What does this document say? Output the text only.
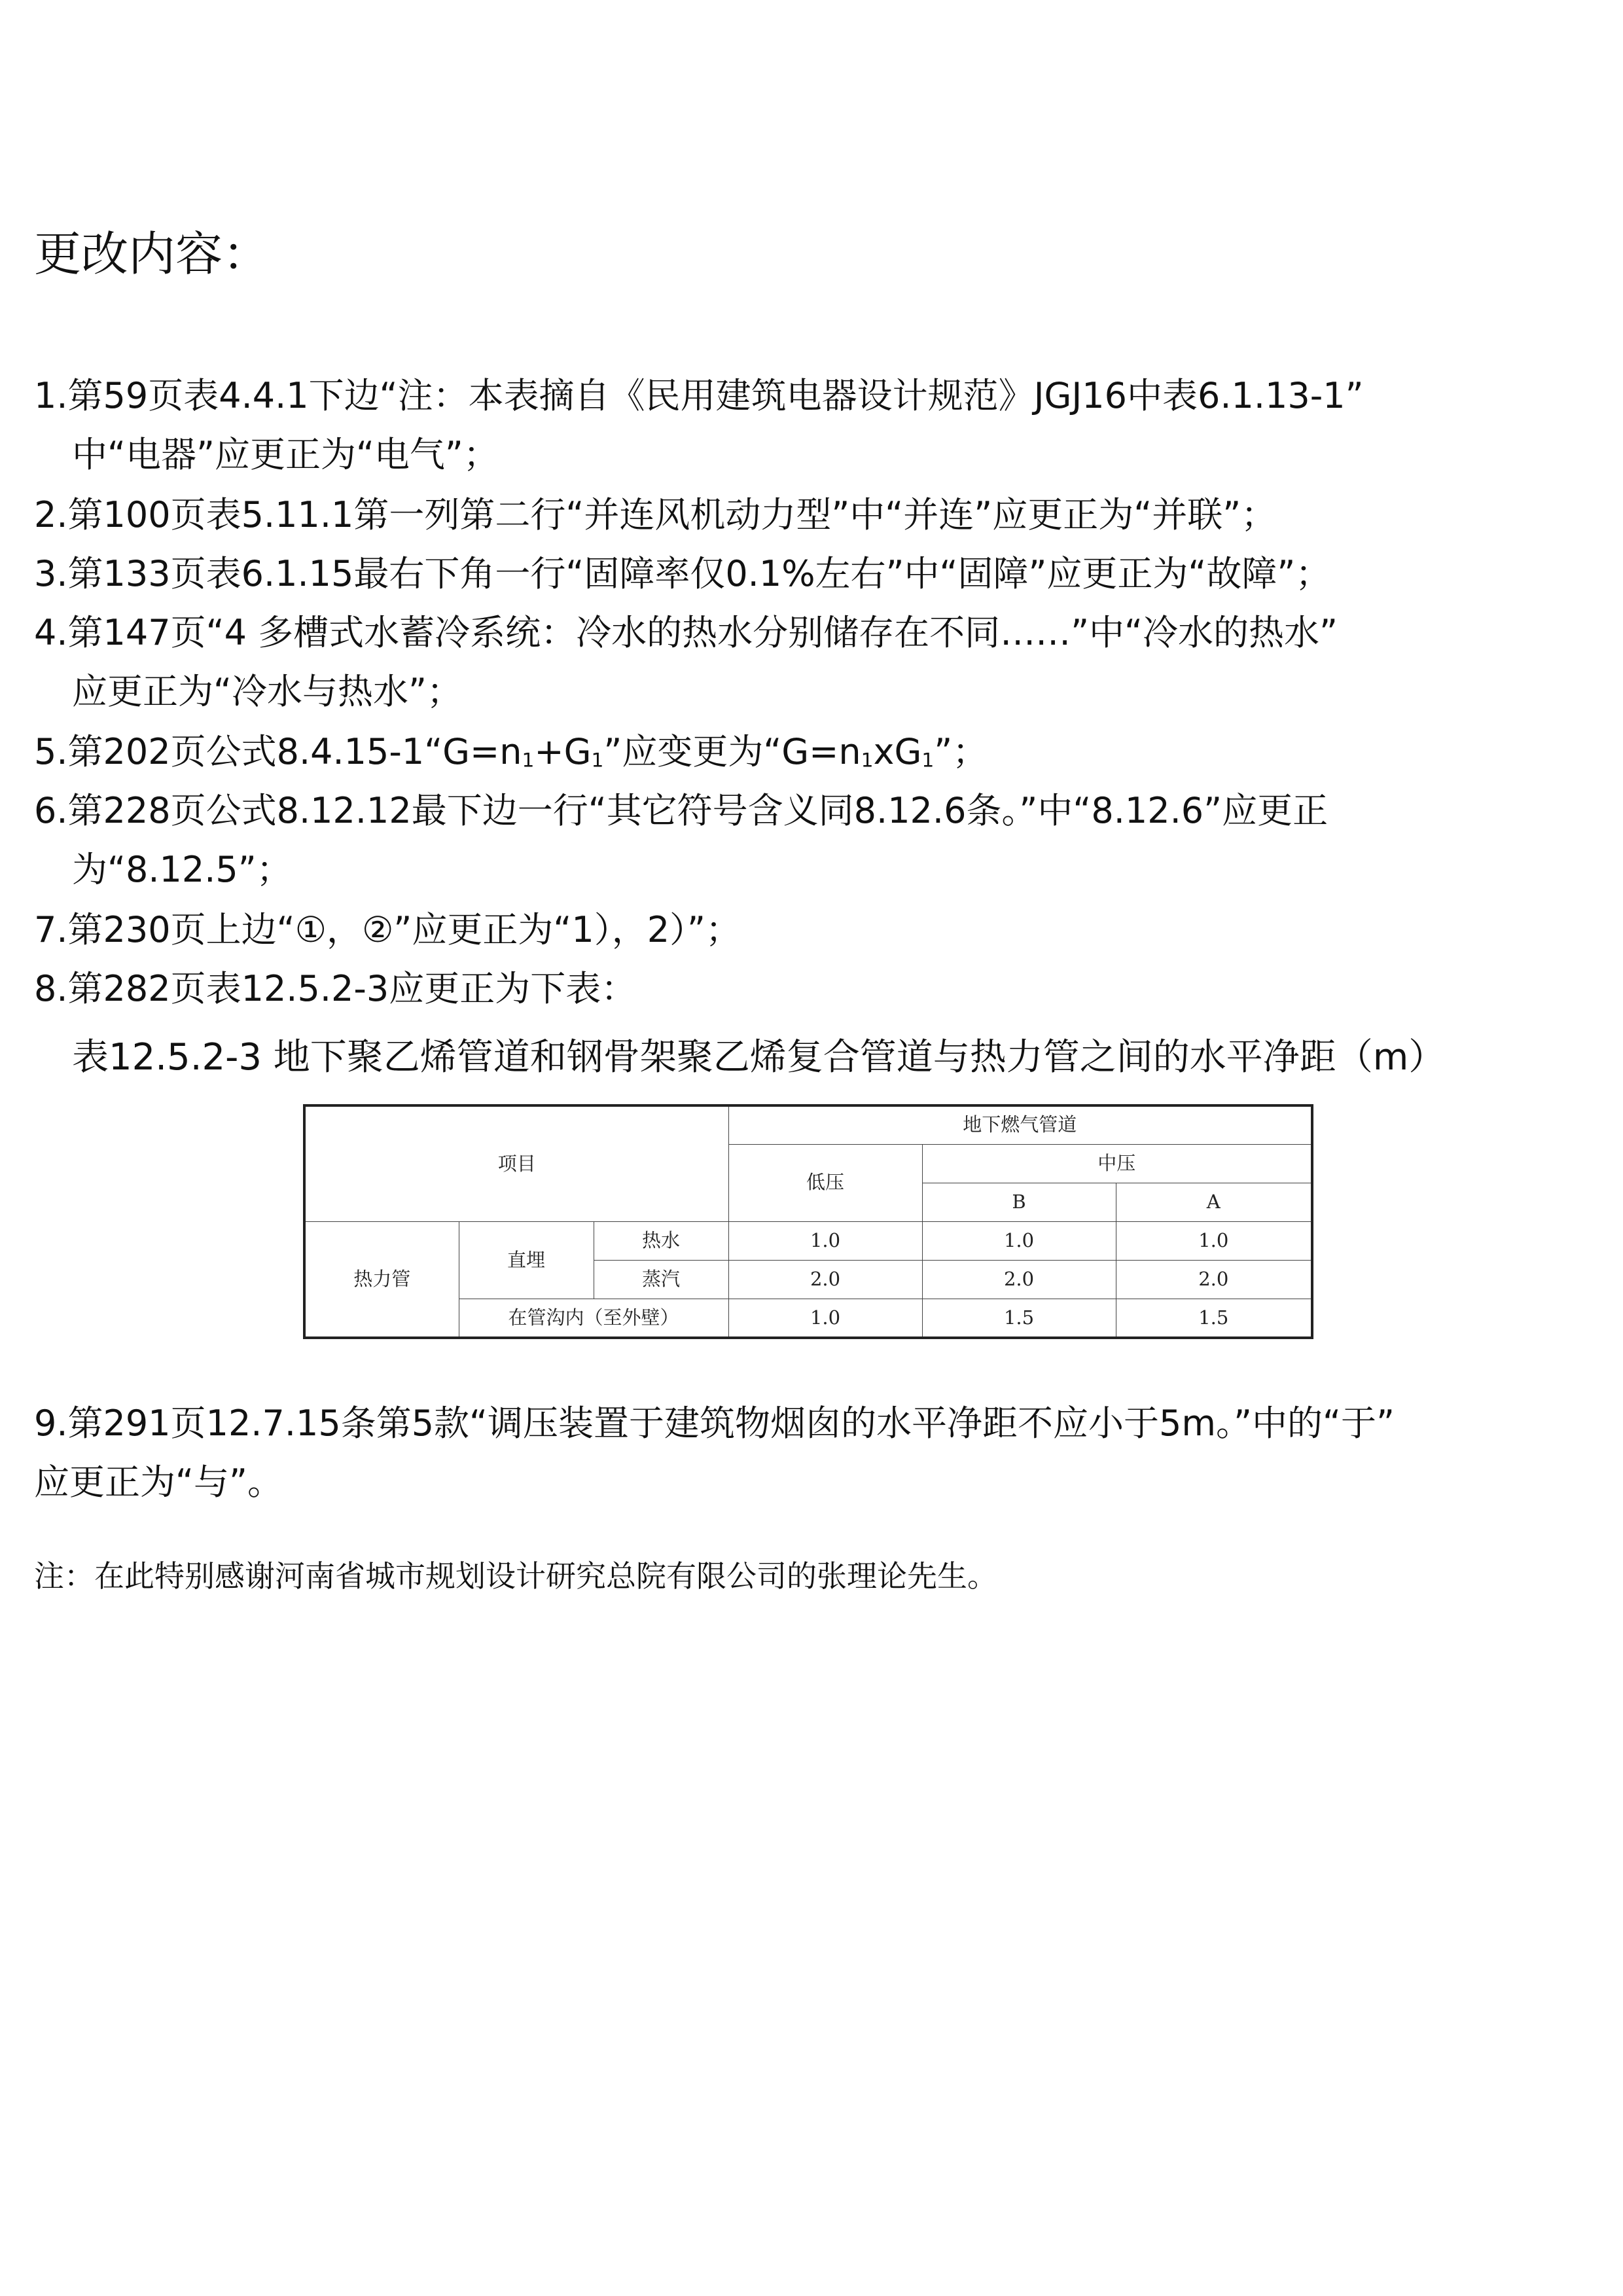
更改内容：
1.第59页表4.4.1下边“注：本表摘自《民用建筑电器设计规范》JGJ16中表6.1.13-1”
中“电器”应更正为“电气”；
2.第100页表5.11.1第一列第二行“并连风机动力型”中“并连”应更正为“并联”；
3.第133页表6.1.15最右下角一行“固障率仅0.1%左右”中“固障”应更正为“故障”；
4.第147页“4 多槽式水蓄冷系统：冷水的热水分别储存在不同……”中“冷水的热水”
应更正为“冷水与热水”；
5.第202页公式8.4.15-1“G=n1+G1”应变更为“G=n1xG1”；
6.第228页公式8.12.12最下边一行“其它符号含义同8.12.6条。”中“8.12.6”应更正
为“8.12.5”；
7.第230页上边“①，②”应更正为“1），2）”；
8.第282页表12.5.2-3应更正为下表：
表12.5.2-3 地下聚乙烯管道和钢骨架聚乙烯复合管道与热力管之间的水平净距（m）
项目			地下燃气管道		
			低压	中压	
				B	A
热力管	直埋	热水	1.0	1.0	1.0
		蒸汽	2.0	2.0	2.0
	在管沟内（至外壁）		1.0	1.5	1.5
9.第291页12.7.15条第5款“调压装置于建筑物烟囱的水平净距不应小于5m。”中的“于”
应更正为“与”。
注：在此特别感谢河南省城市规划设计研究总院有限公司的张理论先生。
